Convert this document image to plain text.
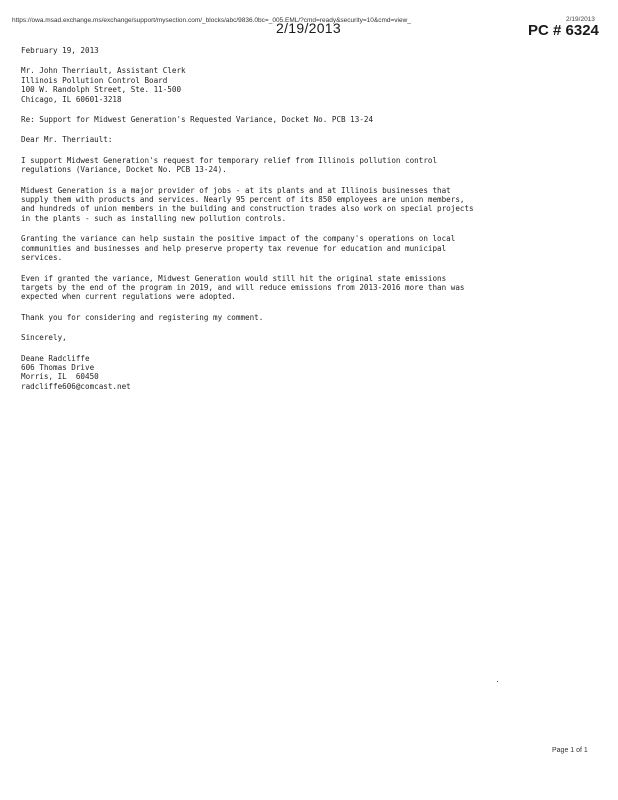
https://owa.msad.exchange.ms/exchange/support/mysection.com/_blocks/abc/9836.0bc=_005.EML/?cmd=ready&security=10&cmd=view_
2/19/2013
2/19/2013
PC # 6324
February 19, 2013
Mr. John Therriault, Assistant Clerk
Illinois Pollution Control Board
100 W. Randolph Street, Ste. 11-500
Chicago, IL 60601-3218
Re: Support for Midwest Generation's Requested Variance, Docket No. PCB 13-24
Dear Mr. Therriault:
I support Midwest Generation's request for temporary relief from Illinois pollution control
regulations (Variance, Docket No. PCB 13-24).
Midwest Generation is a major provider of jobs - at its plants and at Illinois businesses that
supply them with products and services. Nearly 95 percent of its 850 employees are union members,
and hundreds of union members in the building and construction trades also work on special projects
in the plants - such as installing new pollution controls.
Granting the variance can help sustain the positive impact of the company's operations on local
communities and businesses and help preserve property tax revenue for education and municipal
services.
Even if granted the variance, Midwest Generation would still hit the original state emissions
targets by the end of the program in 2019, and will reduce emissions from 2013-2016 more than was
expected when current regulations were adopted.
Thank you for considering and registering my comment.
Sincerely,
Deane Radcliffe
606 Thomas Drive
Morris, IL  60450
radcliffe606@comcast.net
Page 1 of 1
